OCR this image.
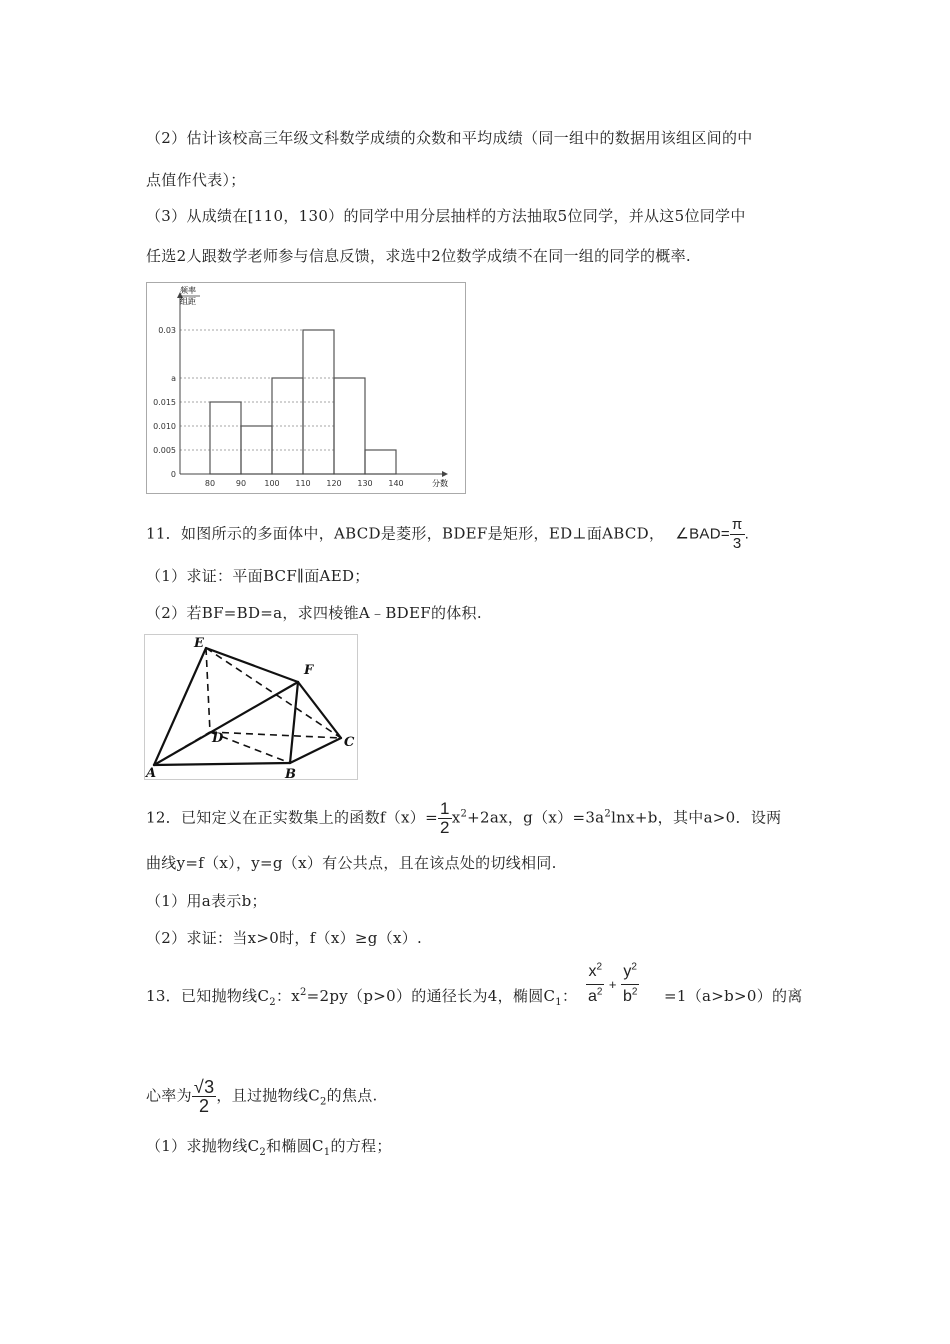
（2）估计该校高三年级文科数学成绩的众数和平均成绩（同一组中的数据用该组区间的中
点值作代表）；
（3）从成绩在[110，130）的同学中用分层抽样的方法抽取5位同学，并从这5位同学中
任选2人跟数学老师参与信息反馈，求选中2位数学成绩不在同一组的同学的概率.
80	90 100 110 120 130 140
0
0.005
0.010
0.015
a
0.03
频率
组距
分数
11．如图所示的多面体中，ABCD是菱形，BDEF是矩形，ED⊥面ABCD， ∠BAD= $\frac{\pi}{3}$ .
（1）求证：平面BCF∥面AED；
（2）若BF=BD=a，求四棱锥A﹣BDEF的体积.
E
F
D	C
A	B
12．已知定义在正实数集上的函数$f(x)= \frac{1}{2} x^2+2ax$，$g(x)=3a^2\ln x+b$，其中a>0．设两
曲线y=f（x），y=g（x）有公共点，且在该点处的切线相同.
（1）用a表示b；
（2）求证：当x>0时，f（x）≥g（x）.
13．已知抛物线$C_2$：$x^2=2py(p>0)$的通径长为4，椭圆$C_1$： $\frac{x^2}{a^2} + \frac{y^2}{b^2} =1(a>b>0)$的离
心率为 $\frac{√3}{2}$ ，且过抛物线$C_2$的焦点.
（1）求抛物线$C_2$和椭圆$C_1$的方程；
